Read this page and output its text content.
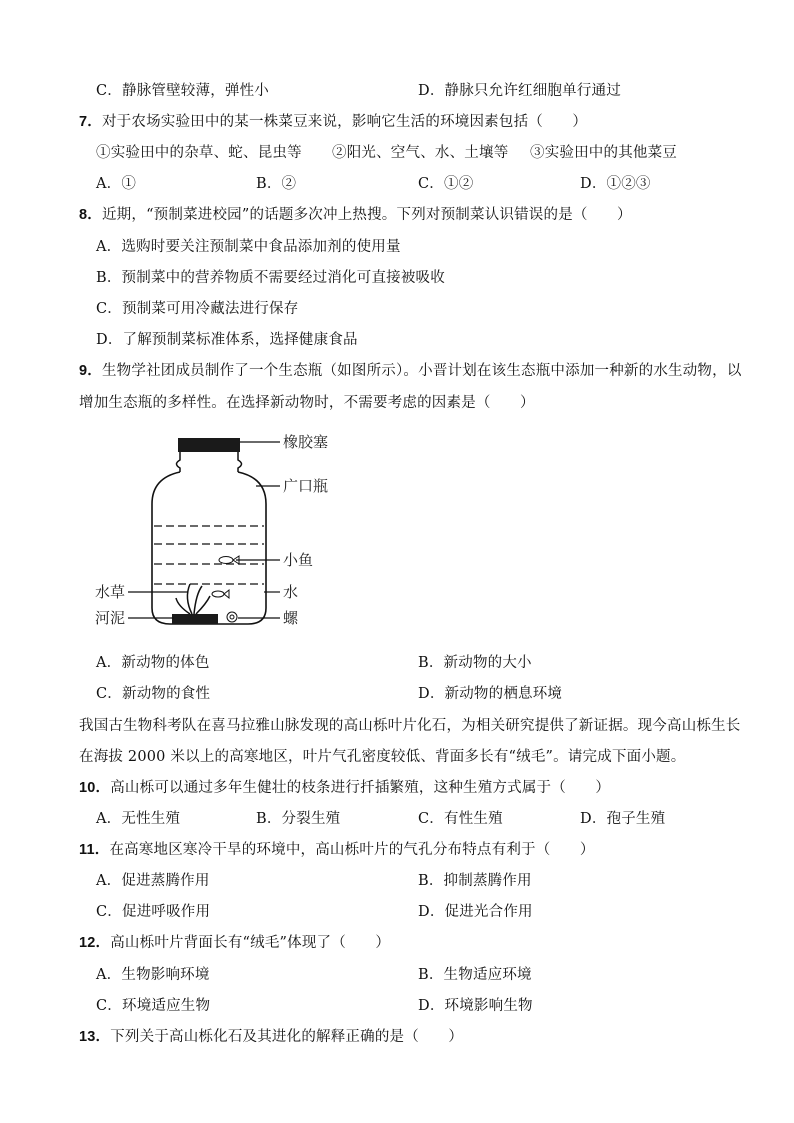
C．静脉管壁较薄，弹性小	D．静脉只允许红细胞单行通过
7．对于农场实验田中的某一株菜豆来说，影响它生活的环境因素包括（　　）
①实验田中的杂草、蛇、昆虫等 ②阳光、空气、水、土壤等 ③实验田中的其他菜豆
A．①	B．②	C．①②	D．①②③
8．近期，“预制菜进校园”的话题多次冲上热搜。下列对预制菜认识错误的是（　　）
A．选购时要关注预制菜中食品添加剂的使用量
B．预制菜中的营养物质不需要经过消化可直接被吸收
C．预制菜可用冷藏法进行保存
D．了解预制菜标准体系，选择健康食品
9．生物学社团成员制作了一个生态瓶（如图所示）。小晋计划在该生态瓶中添加一种新的水生动物，以
增加生态瓶的多样性。在选择新动物时，不需要考虑的因素是（　　）
橡胶塞
广口瓶
小鱼
水
螺
水草
河泥
A．新动物的体色	B．新动物的大小
C．新动物的食性	D．新动物的栖息环境
我国古生物科考队在喜马拉雅山脉发现的高山栎叶片化石，为相关研究提供了新证据。现今高山栎生长
在海拔 2000 米以上的高寒地区，叶片气孔密度较低、背面多长有“绒毛”。请完成下面小题。
10．高山栎可以通过多年生健壮的枝条进行扦插繁殖，这种生殖方式属于（　　）
A．无性生殖	B．分裂生殖	C．有性生殖	D．孢子生殖
11．在高寒地区寒冷干旱的环境中，高山栎叶片的气孔分布特点有利于（　　）
A．促进蒸腾作用	B．抑制蒸腾作用
C．促进呼吸作用	D．促进光合作用
12．高山栎叶片背面长有“绒毛”体现了（　　）
A．生物影响环境	B．生物适应环境
C．环境适应生物	D．环境影响生物
13．下列关于高山栎化石及其进化的解释正确的是（　　）
